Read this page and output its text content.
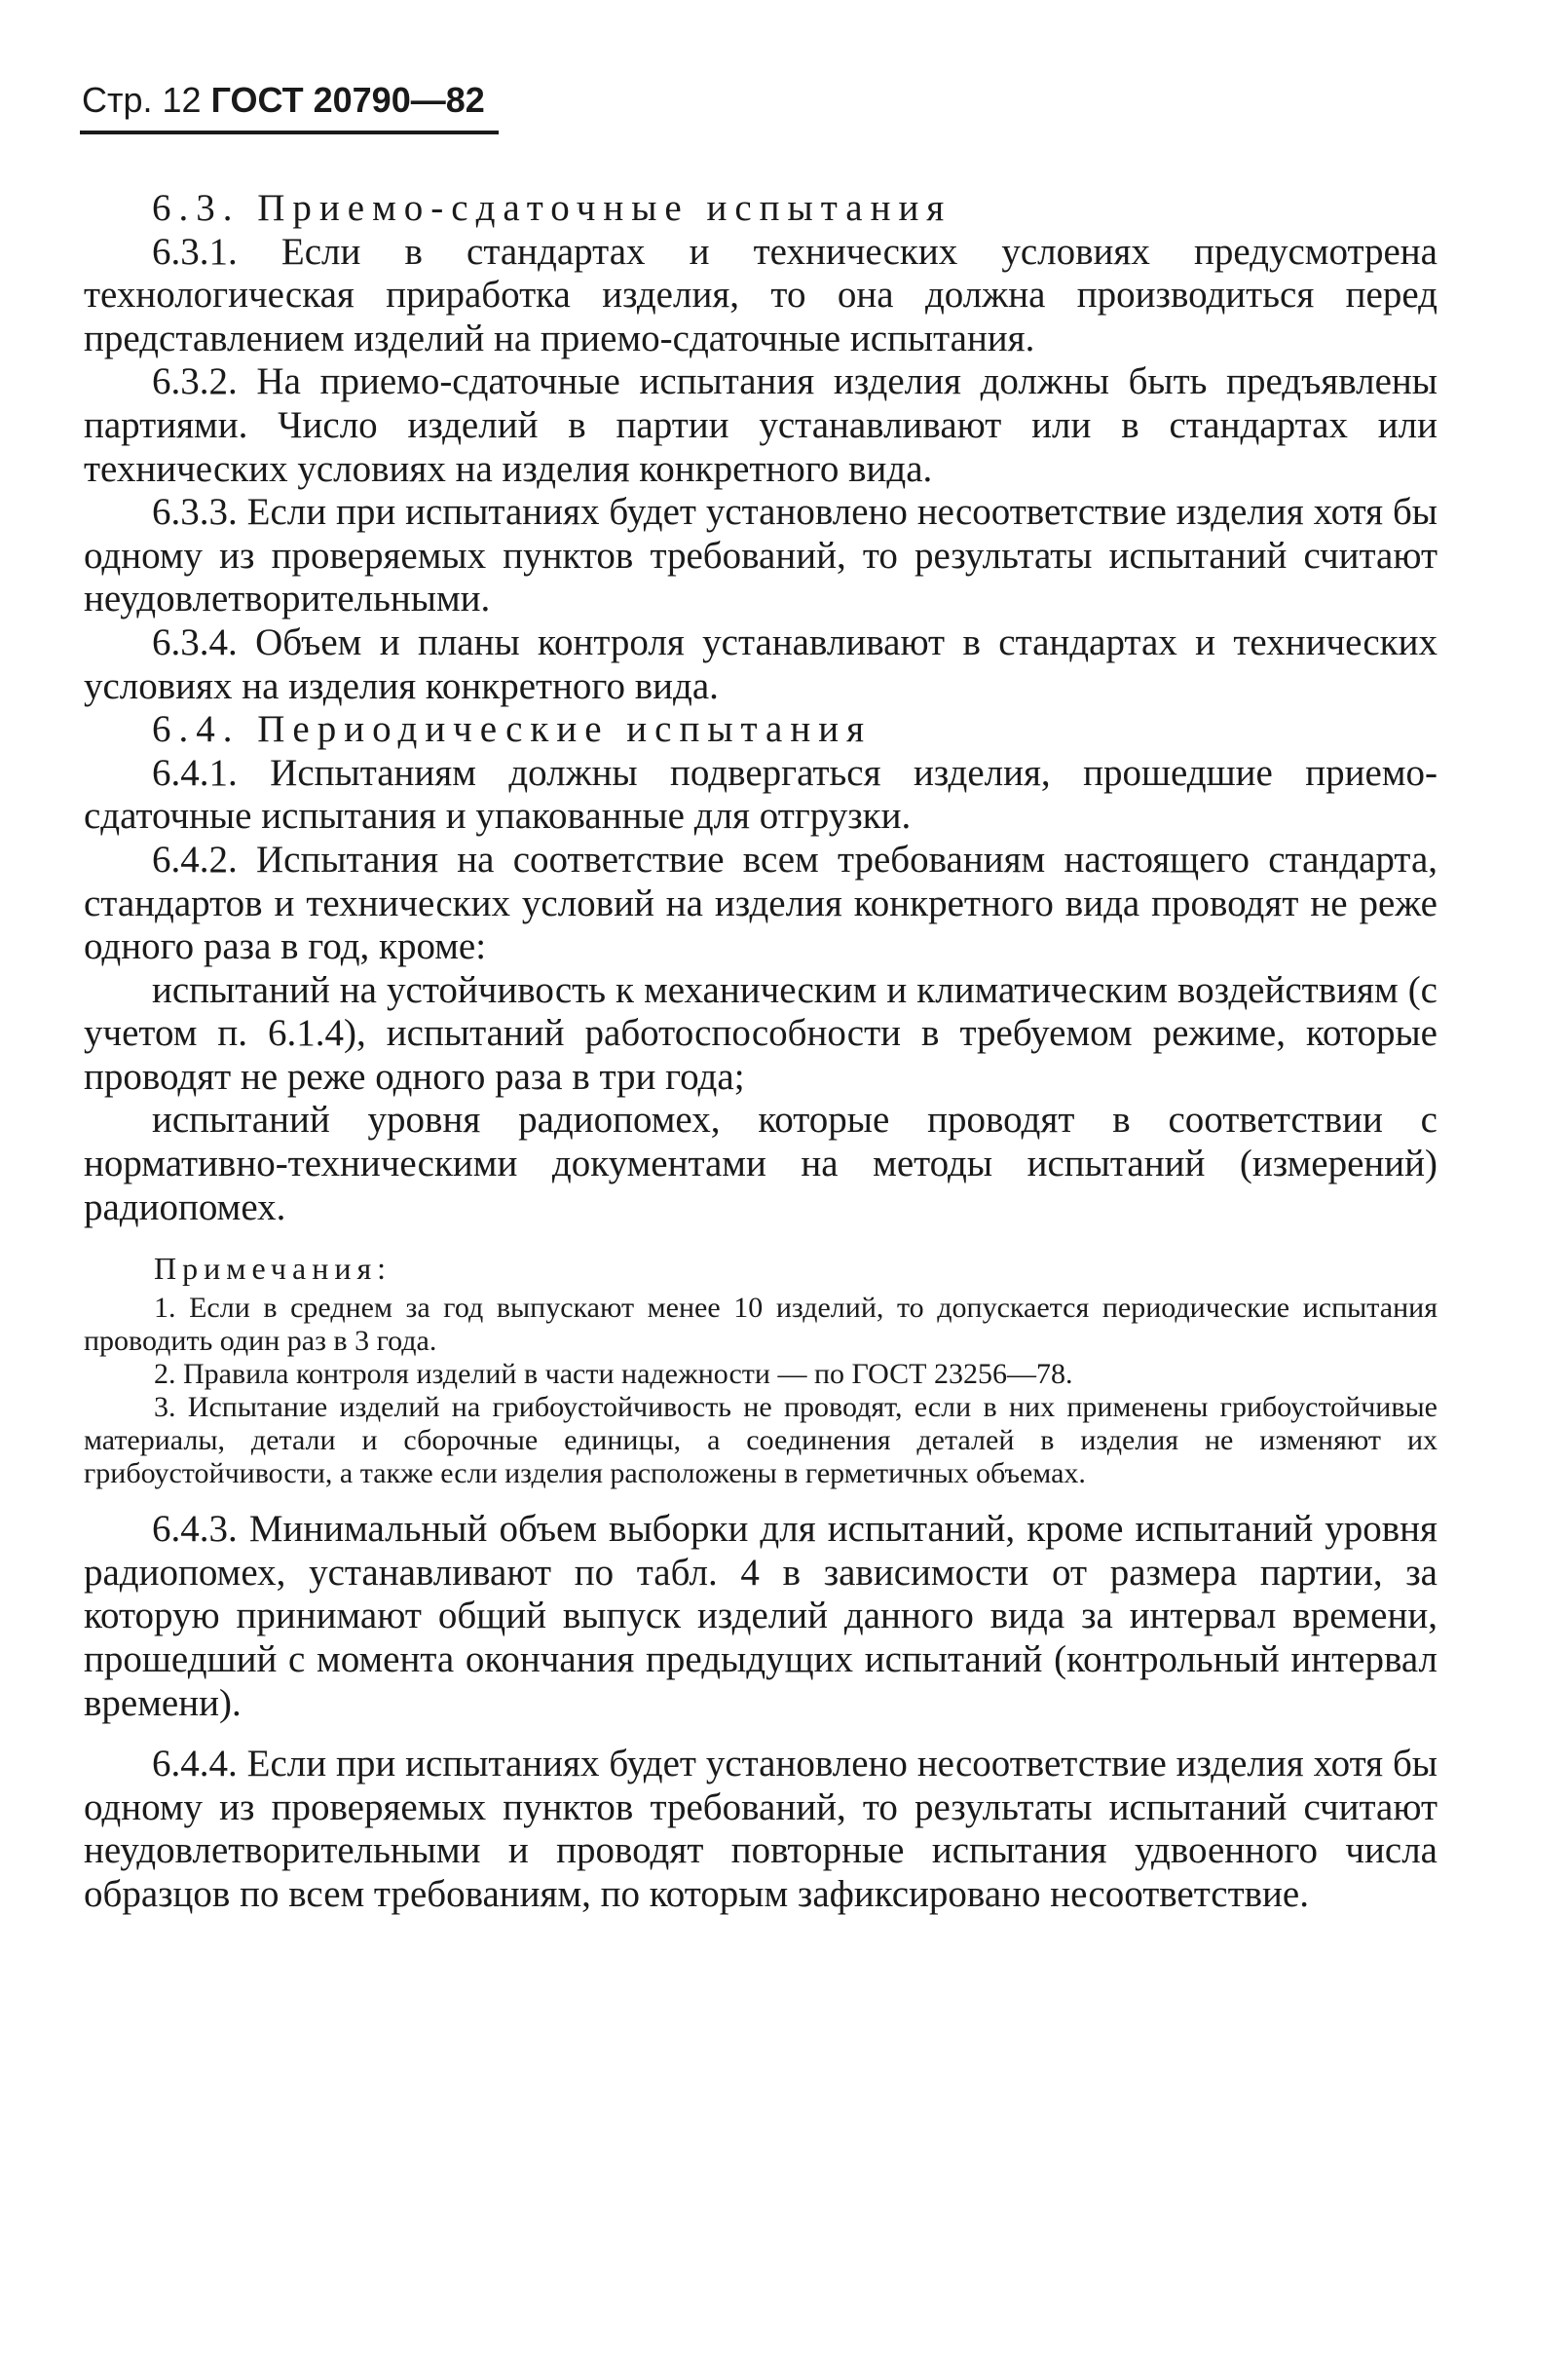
Стр. 12 ГОСТ 20790—82

6.3. Приемо-сдаточные испытания

6.3.1. Если в стандартах и технических условиях предусмотрена технологическая приработка изделия, то она должна производиться перед представлением изделий на приемо-сдаточные испытания.

6.3.2. На приемо-сдаточные испытания изделия должны быть предъявлены партиями. Число изделий в партии устанавливают или в стандартах или технических условиях на изделия конкретного вида.

6.3.3. Если при испытаниях будет установлено несоответствие изделия хотя бы одному из проверяемых пунктов требований, то результаты испытаний считают неудовлетворительными.

6.3.4. Объем и планы контроля устанавливают в стандартах и технических условиях на изделия конкретного вида.

6.4. Периодические испытания

6.4.1. Испытаниям должны подвергаться изделия, прошедшие приемо-сдаточные испытания и упакованные для отгрузки.

6.4.2. Испытания на соответствие всем требованиям настоящего стандарта, стандартов и технических условий на изделия конкретного вида проводят не реже одного раза в год, кроме:

испытаний на устойчивость к механическим и климатическим воздействиям (с учетом п. 6.1.4), испытаний работоспособности в требуемом режиме, которые проводят не реже одного раза в три года;

испытаний уровня радиопомех, которые проводят в соответствии с нормативно-техническими документами на методы испытаний (измерений) радиопомех.

Примечания:

1. Если в среднем за год выпускают менее 10 изделий, то допускается периодические испытания проводить один раз в 3 года.

2. Правила контроля изделий в части надежности — по ГОСТ 23256—78.

3. Испытание изделий на грибоустойчивость не проводят, если в них применены грибоустойчивые материалы, детали и сборочные единицы, а соединения деталей в изделия не изменяют их грибоустойчивости, а также если изделия расположены в герметичных объемах.

6.4.3. Минимальный объем выборки для испытаний, кроме испытаний уровня радиопомех, устанавливают по табл. 4 в зависимости от размера партии, за которую принимают общий выпуск изделий данного вида за интервал времени, прошедший с момента окончания предыдущих испытаний (контрольный интервал времени).

6.4.4. Если при испытаниях будет установлено несоответствие изделия хотя бы одному из проверяемых пунктов требований, то результаты испытаний считают неудовлетворительными и проводят повторные испытания удвоенного числа образцов по всем требованиям, по которым зафиксировано несоответствие.
